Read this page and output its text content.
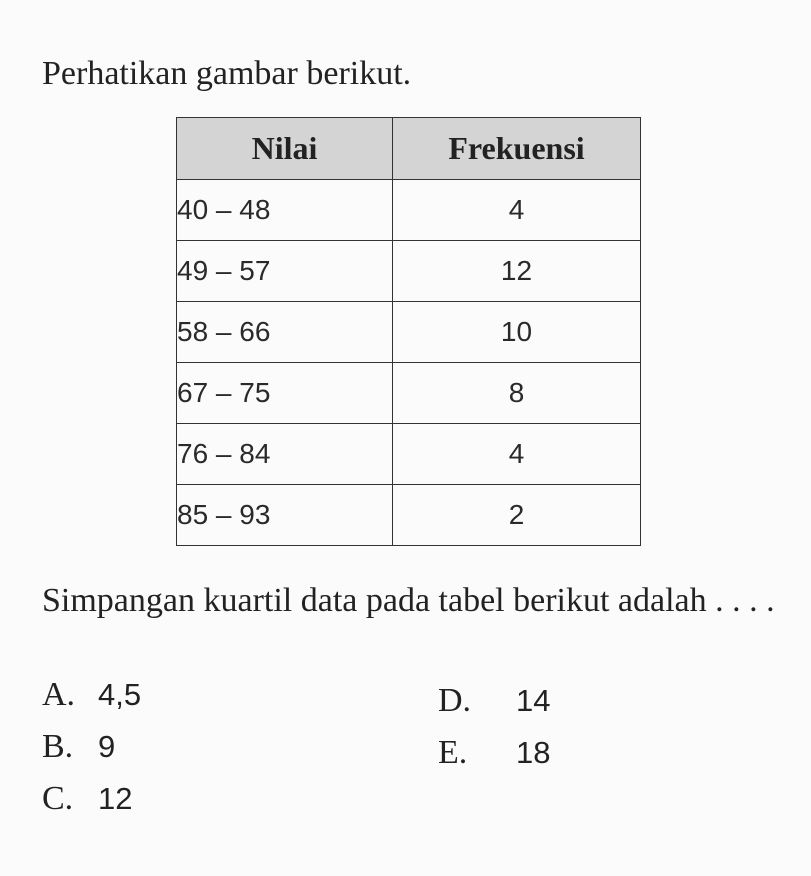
Perhatikan gambar berikut.
Nilai	Frekuensi
40 – 48	4
49 – 57	12
58 – 66	10
67 – 75	8
76 – 84	4
85 – 93	2
Simpangan kuartil data pada tabel berikut adalah . . . .
A. 4,5
B. 9
C. 12
D. 14
E. 18
